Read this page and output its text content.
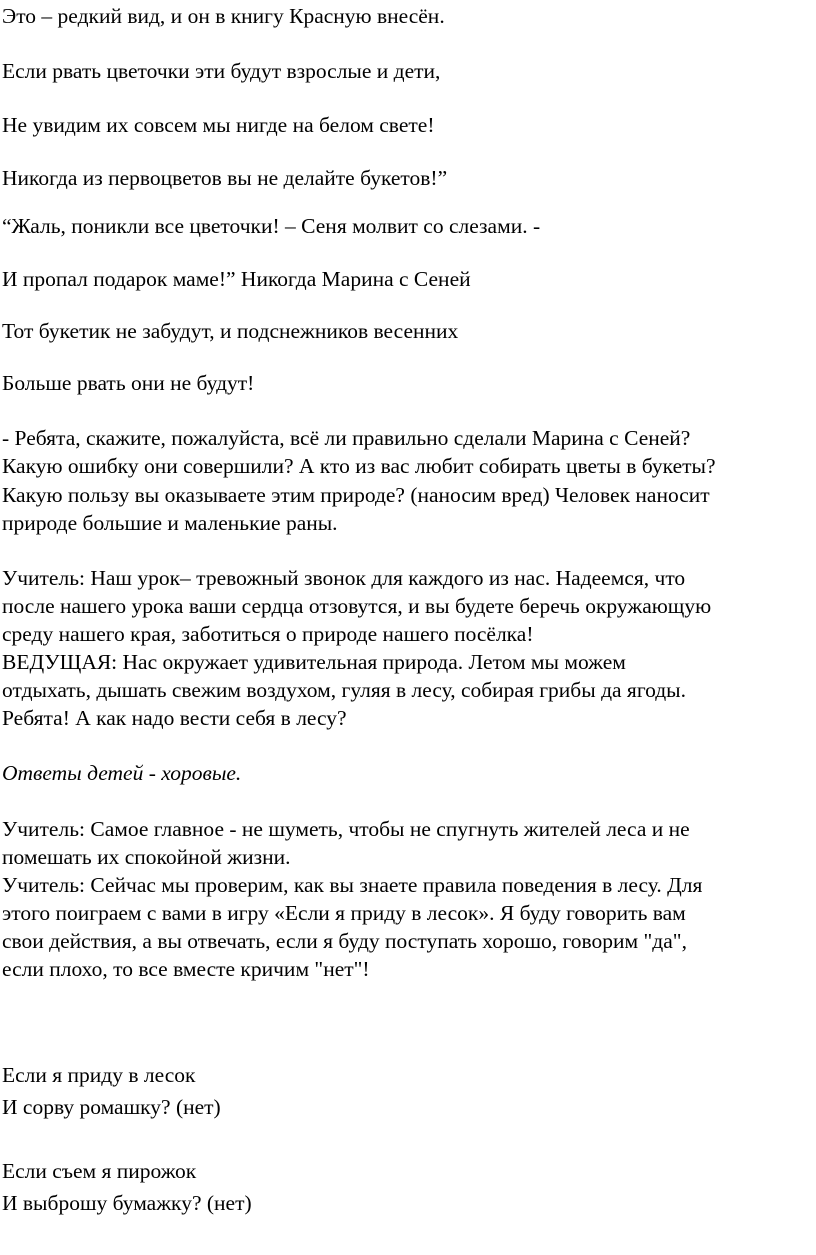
Это – редкий вид, и он в книгу Красную внесён.
Если рвать цветочки эти будут взрослые и дети,
Не увидим их совсем мы нигде на белом свете!
Никогда из первоцветов вы не делайте букетов!”
“Жаль, поникли все цветочки! – Сеня молвит со слезами. -
И пропал подарок маме!” Никогда Марина с Сеней
Тот букетик не забудут, и подснежников весенних
Больше рвать они не будут!
- Ребята, скажите, пожалуйста, всё ли правильно сделали Марина с Сеней?
Какую ошибку они совершили? А кто из вас любит собирать цветы в букеты?
Какую пользу вы оказываете этим природе? (наносим вред) Человек наносит
природе большие и маленькие раны.
Учитель: Наш урок– тревожный звонок для каждого из нас. Надеемся, что
после нашего урока ваши сердца отзовутся, и вы будете беречь окружающую
среду нашего края, заботиться о природе нашего посёлка!
ВЕДУЩАЯ: Нас окружает удивительная природа. Летом мы можем
отдыхать, дышать свежим воздухом, гуляя в лесу, собирая грибы да ягоды.
Ребята! А как надо вести себя в лесу?
Ответы детей - хоровые.
Учитель: Самое главное - не шуметь, чтобы не спугнуть жителей леса и не
помешать их спокойной жизни.
Учитель: Сейчас мы проверим, как вы знаете правила поведения в лесу. Для
этого поиграем с вами в игру «Если я приду в лесок». Я буду говорить вам
свои действия, а вы отвечать, если я буду поступать хорошо, говорим "да",
если плохо, то все вместе кричим "нет"!
Если я приду в лесок
И сорву ромашку? (нет)
Если съем я пирожок
И выброшу бумажку? (нет)
